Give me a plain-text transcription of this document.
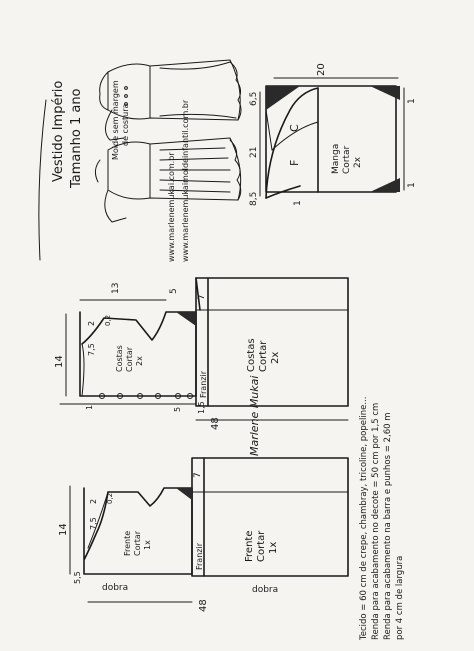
Vestido Império Tamanho 1 ano	Molde sem margem de costura
www.marlenemukai.com.br www.marlenemukaimoldeinfantil.com.br
20
1
1
6,5
21
8,5	1
C
F	Manga Cortar 2x
Costas Cortar 2x	Costas Cortar 2x
Franzir
14
13	5
7
2 0,2
7,5
1	1,5
48
5	Marlene Mukai
Frente Cortar 1x	Frente Cortar 1x
Franzir
dobra	dobra
14
7
2 0,2
7,5
5,5
48	Tecido = 60 cm de crepe, chambray, tricoline, popeline... Renda para acabamento no decote = 50 cm por 1,5 cm Renda para acabamento na barra e punhos = 2,60 m por 4 cm de largura
